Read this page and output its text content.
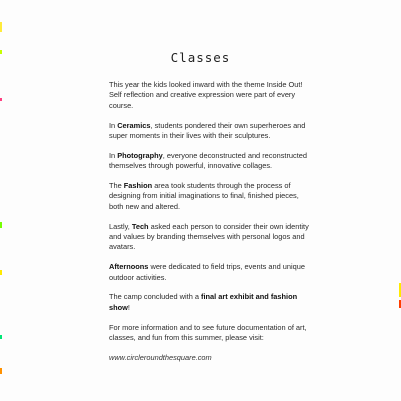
Classes

This year the kids looked inward with the theme Inside Out! Self reflection and creative expression were part of every course.

In Ceramics, students pondered their own superheroes and super moments in their lives with their sculptures.

In Photography, everyone deconstructed and reconstructed themselves through powerful, innovative collages.

The Fashion area took students through the process of designing from initial imaginations to final, finished pieces, both new and altered.

Lastly, Tech asked each person to consider their own identity and values by branding themselves with personal logos and avatars.

Afternoons were dedicated to field trips, events and unique outdoor activities.

The camp concluded with a final art exhibit and fashion show!

For more information and to see future documentation of art, classes, and fun from this summer, please visit:

www.circleroundthesquare.com
